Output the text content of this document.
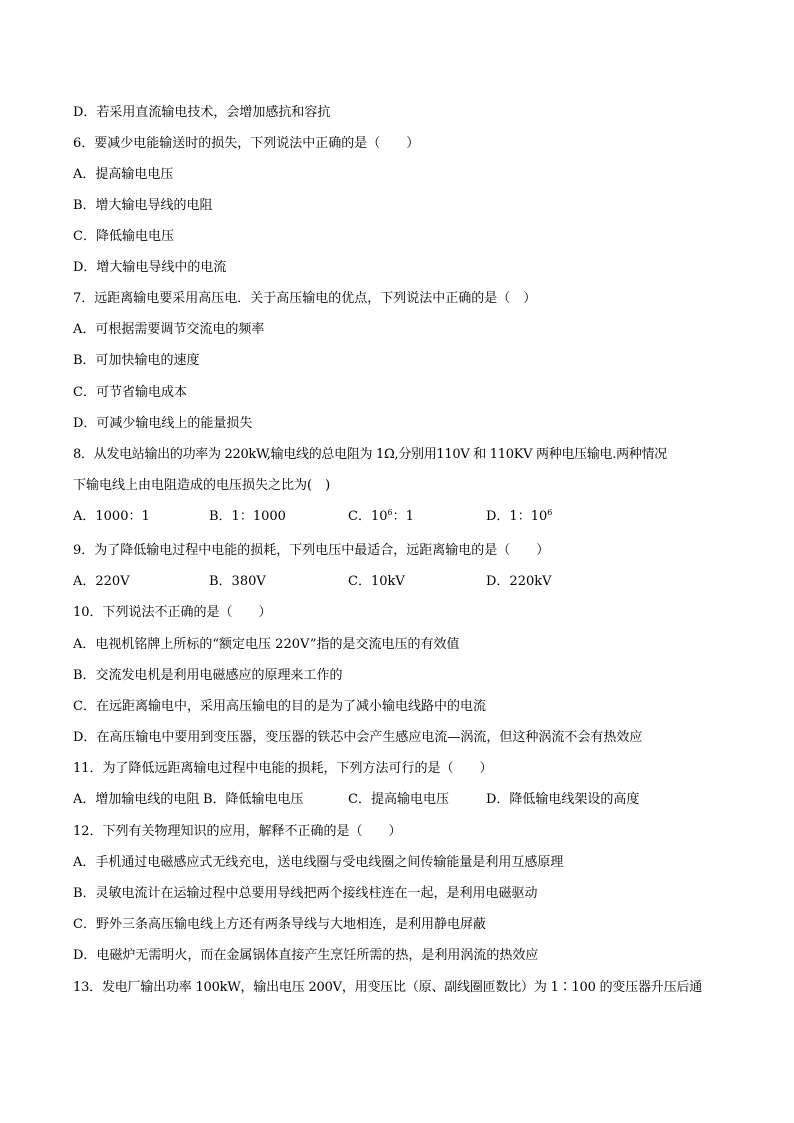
D．若采用直流输电技术，会增加感抗和容抗
6．要减少电能输送时的损失，下列说法中正确的是（　　）
A．提高输电电压
B．增大输电导线的电阻
C．降低输电电压
D．增大输电导线中的电流
7．远距离输电要采用高压电．关于高压输电的优点，下列说法中正确的是（　）
A．可根据需要调节交流电的频率
B．可加快输电的速度
C．可节省输电成本
D．可减少输电线上的能量损失
8．从发电站输出的功率为 220kW,输电线的总电阻为 1Ω,分别用110V 和 110KV 两种电压输电.两种情况
下输电线上由电阻造成的电压损失之比为(　)
A．1000：1	B．1：1000	C．$10^6$：1	D．1：$10^6$
9．为了降低输电过程中电能的损耗，下列电压中最适合，远距离输电的是（　　）
A．220V	B．380V	C．10kV	D．220kV
10．下列说法不正确的是（　　）
A．电视机铭牌上所标的“额定电压 220V”指的是交流电压的有效值
B．交流发电机是利用电磁感应的原理来工作的
C．在远距离输电中，采用高压输电的目的是为了减小输电线路中的电流
D．在高压输电中要用到变压器，变压器的铁芯中会产生感应电流—涡流，但这种涡流不会有热效应
11．为了降低远距离输电过程中电能的损耗，下列方法可行的是（　　）
A．增加输电线的电阻 B．降低输电电压	C．提高输电电压	D．降低输电线架设的高度
12．下列有关物理知识的应用，解释不正确的是（　　）
A．手机通过电磁感应式无线充电，送电线圈与受电线圈之间传输能量是利用互感原理
B．灵敏电流计在运输过程中总要用导线把两个接线柱连在一起，是利用电磁驱动
C．野外三条高压输电线上方还有两条导线与大地相连，是利用静电屏蔽
D．电磁炉无需明火，而在金属锅体直接产生烹饪所需的热，是利用涡流的热效应
13．发电厂输出功率 100kW，输出电压 200V，用变压比（原、副线圈匝数比）为 1∶100 的变压器升压后通
